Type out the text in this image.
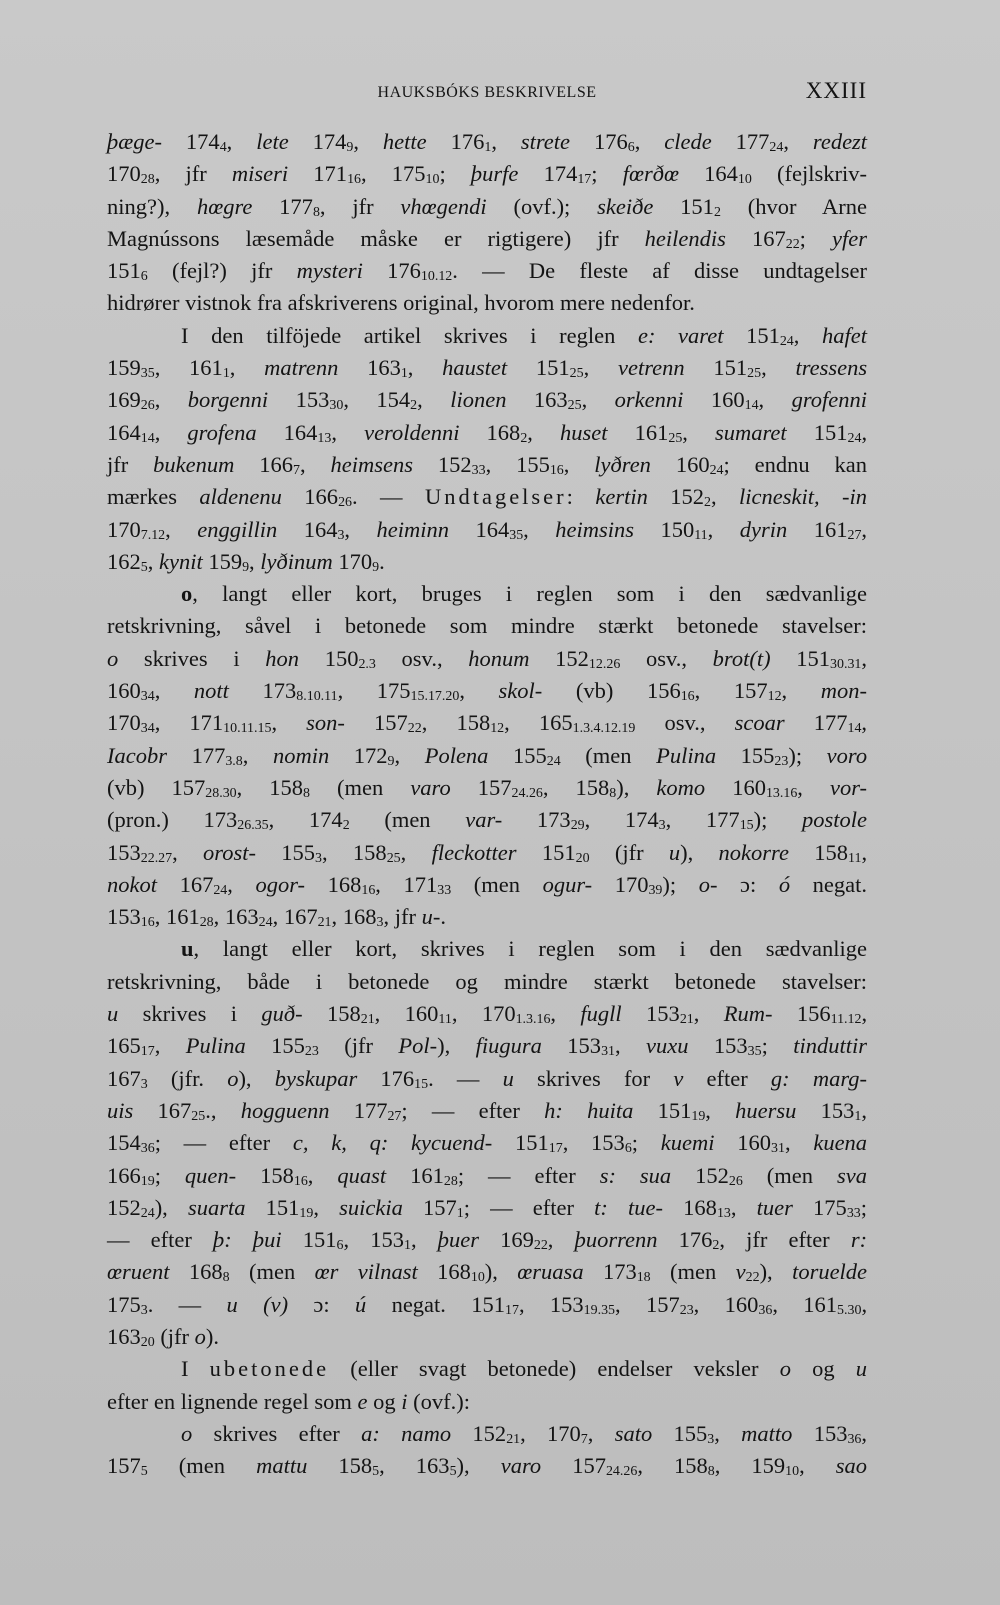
HAUKSBÓKS BESKRIVELSE	XXIII
þæge- $174_4$, lete $174_9$, hette $176_1$, strete $176_6$, clede $177_{24}$, redezt
$170_{28}$, jfr miseri $171_{16}$, $175_{10}$; þurfe $174_{17}$; fœrðœ $164_{10}$ (fejlskriv-
ning?), hœgre $177_8$, jfr vhœgendi (ovf.); skeiðe $151_2$ (hvor Arne
Magnússons læsemåde måske er rigtigere) jfr heilendis $167_{22}$; yfer
$151_6$ (fejl?) jfr mysteri $176_{10.12}$. — De fleste af disse undtagelser
hidrører vistnok fra afskriverens original, hvorom mere nedenfor.
I den tilföjede artikel skrives i reglen e: varet $151_{24}$, hafet
$159_{35}$, $161_1$, matrenn $163_1$, haustet $151_{25}$, vetrenn $151_{25}$, tressens
$169_{26}$, borgenni $153_{30}$, $154_2$, lionen $163_{25}$, orkenni $160_{14}$, grofenni
$164_{14}$, grofena $164_{13}$, veroldenni $168_2$, huset $161_{25}$, sumaret $151_{24}$,
jfr bukenum $166_7$, heimsens $152_{33}$, $155_{16}$, lyðren $160_{24}$; endnu kan
mærkes aldenenu $166_{26}$. — Undtagelser: kertin $152_2$, licneskit, -in
$170_{7.12}$, enggillin $164_3$, heiminn $164_{35}$, heimsins $150_{11}$, dyrin $161_{27}$,
$162_5$, kynit $159_9$, lyðinum $170_9$.
o, langt eller kort, bruges i reglen som i den sædvanlige
retskrivning, såvel i betonede som mindre stærkt betonede stavelser:
o skrives i hon $150_{2.3}$ osv., honum $152_{12.26}$ osv., brot(t) $151_{30.31}$,
$160_{34}$, nott $173_{8.10.11}$, $175_{15.17.20}$, skol- (vb) $156_{16}$, $157_{12}$, mon-
$170_{34}$, $171_{10.11.15}$, son- $157_{22}$, $158_{12}$, $165_{1.3.4.12.19}$ osv., scoar $177_{14}$,
Iacobr $177_{3.8}$, nomin $172_9$, Polena $155_{24}$ (men Pulina $155_{23}$); voro
(vb) $157_{28.30}$, $158_8$ (men varo $157_{24.26}$, $158_8$), komo $160_{13.16}$, vor-
(pron.) $173_{26.35}$, $174_2$ (men var- $173_{29}$, $174_3$, $177_{15}$); postole
$153_{22.27}$, orost- $155_3$, $158_{25}$, fleckotter $151_{20}$ (jfr u), nokorre $158_{11}$,
nokot $167_{24}$, ogor- $168_{16}$, $171_{33}$ (men ogur- $170_{39}$); o- ɔ: ó negat.
$153_{16}$, $161_{28}$, $163_{24}$, $167_{21}$, $168_3$, jfr u-.
u, langt eller kort, skrives i reglen som i den sædvanlige
retskrivning, både i betonede og mindre stærkt betonede stavelser:
u skrives i guð- $158_{21}$, $160_{11}$, $170_{1.3.16}$, fugll $153_{21}$, Rum- $156_{11.12}$,
$165_{17}$, Pulina $155_{23}$ (jfr Pol-), fiugura $153_{31}$, vuxu $153_{35}$; tinduttir
$167_3$ (jfr. o), byskupar $176_{15}$. — u skrives for v efter g: marg-
uis $167_{25}$., hogguenn $177_{27}$; — efter h: huita $151_{19}$, huersu $153_1$,
$154_{36}$; — efter c, k, q: kycuend- $151_{17}$, $153_6$; kuemi $160_{31}$, kuena
$166_{19}$; quen- $158_{16}$, quast $161_{28}$; — efter s: sua $152_{26}$ (men sva
$152_{24}$), suarta $151_{19}$, suickia $157_1$; — efter t: tue- $168_{13}$, tuer $175_{33}$;
— efter þ: þui $151_6$, $153_1$, þuer $169_{22}$, þuorrenn $176_2$, jfr efter r:
œruent $168_8$ (men œr vilnast $168_{10}$), œruasa $173_{18}$ (men $v_{22}$), toruelde
$175_3$. — u (v) ɔ: ú negat. $151_{17}$, $153_{19.35}$, $157_{23}$, $160_{36}$, $161_{5.30}$,
$163_{20}$ (jfr o).
I ubetonede (eller svagt betonede) endelser veksler o og u
efter en lignende regel som e og i (ovf.):
o skrives efter a: namo $152_{21}$, $170_7$, sato $155_3$, matto $153_{36}$,
$157_5$ (men mattu $158_5$, $163_5$), varo $157_{24.26}$, $158_8$, $159_{10}$, sao
